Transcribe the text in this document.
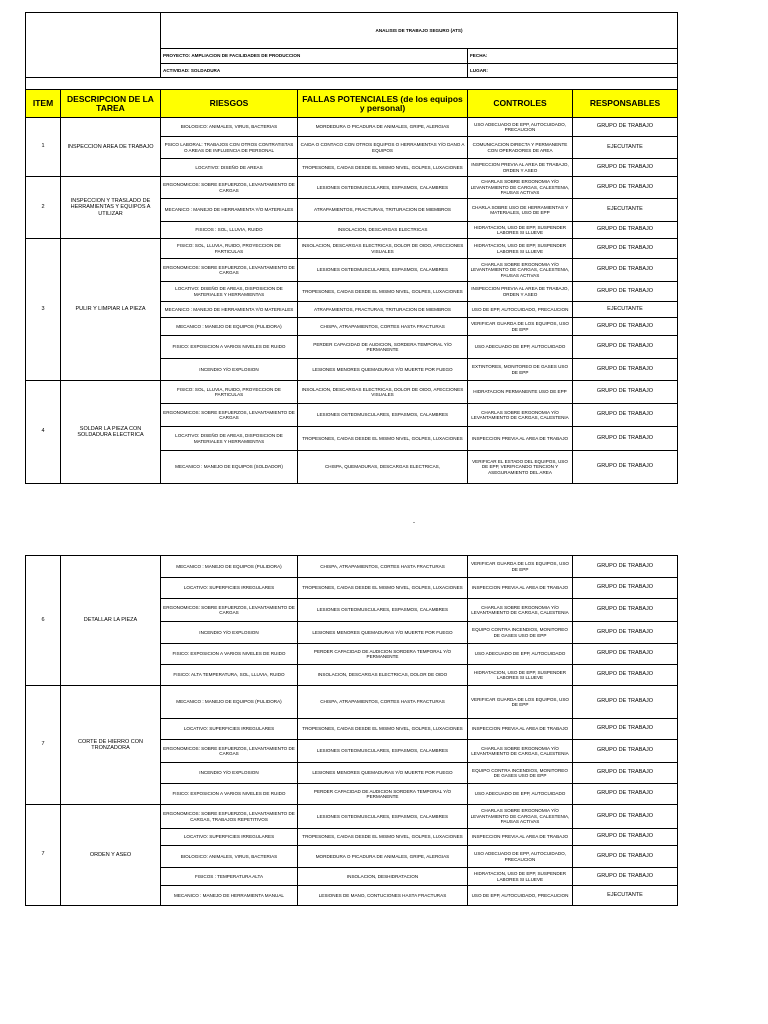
	ANALISIS DE TRABAJO SEGURO (ATS)	
	PROYECTO: AMPLIACION DE FACILIDADES DE PRODUCCION	FECHA:
	ACTIVIDAD: SOLDADURA	LUGAR:

ITEM	DESCRIPCION DE LA TAREA	RIESGOS	FALLAS POTENCIALES (de los equipos y personal)	CONTROLES	RESPONSABLES
1	INSPECCION AREA DE TRABAJO	BIOLOGICO: ANIMALES, VIRUS, BACTERIAS	MORDEDURA O PICADURA DE ANIMALES, GRIPE, ALERGIAS	USO ADECUADO DE EPP, AUTOCUIDADO, PRECAUCION	GRUPO DE TRABAJO
		PSICO LABORAL: TRABAJOS CON OTROS CONTRATISTAS O AREAS DE INFLUENCIA DE PERSONAL	CAIDA O CONTACO CON OTROS EQUIPOS O HERRAMIENTAS Y/O DANO A EQUIPOS	COMUNICACION DIRECTA Y PERMANENTE CON OPERADORES DE AREA	EJECUTANTE
		LOCATIVO: DISEÑO DE AREAS	TROPESONES, CAIDAS DESDE EL MISMO NIVEL, GOLPES, LUXACIONES	INSPECCION PREVIA AL AREA DE TRABAJO, ORDEN Y ASEO	GRUPO DE TRABAJO
2	INSPECCION Y TRASLADO DE HERRAMIENTAS Y EQUIPOS A UTILIZAR	ERGONOMICOS: SOBRE ESFUERZOS, LEVANTAMIENTO DE CARGAS	LESIONES OSTEOMUSCULARES, ESPASMOS, CALAMBRES	CHARLAS SOBRE ERGONOMIA Y/O LEVANTAMIENTO DE CARGAS, CALESTENIA, PAUSAS ACTIVAS	GRUPO DE TRABAJO
		MECANICO : MANEJO DE HERRAMIENTA Y/O MATERIALES	ATRAPAMIENTOS, FRACTURAS, TRITURACION DE MIEMBROS	CHARLA SOBRE USO DE HERRAMIENTAS Y MATERIALES, USO DE EPP	EJECUTANTE
		FISICOS : SOL, LLUVIA, RUIDO	INSOLACION, DESCARGAS ELECTRICAS	HIDRATACION, USO DE EPP, SUSPENDER LABORES SI LLUEVE	GRUPO DE TRABAJO
3	PULIR Y LIMPIAR LA PIEZA	FISICO: SOL, LLUVIA, RUIDO, PROYECCION DE PARTICULAS	INSOLACION, DESCARGAS ELECTRICAS, DOLOR DE OIDO, AFECCIONES VISUALES	HIDRATACION, USO DE EPP, SUSPENDER LABORES SI LLUEVE	GRUPO DE TRABAJO
		ERGONOMICOS: SOBRE ESFUERZOS, LEVANTAMIENTO DE CARGAS	LESIONES OSTEOMUSCULARES, ESPASMOS, CALAMBRES	CHARLAS SOBRE ERGONOMIA Y/O LEVANTAMIENTO DE CARGAS, CALESTENIA, PAUSAS ACTIVAS	GRUPO DE TRABAJO
		LOCATIVO: DISEÑO DE AREAS, DISPOSICION DE MATERIALES Y HERRAMIENTAS	TROPESONES, CAIDAS DESDE EL MISMO NIVEL, GOLPES, LUXACIONES	INSPECCION PREVIA AL AREA DE TRABAJO, ORDEN Y ASEO	GRUPO DE TRABAJO
		MECANICO : MANEJO DE HERRAMIENTA Y/O MATERIALES	ATRAPAMIENTOS, FRACTURAS, TRITURACION DE MIEMBROS	USO DE EPP, AUTOCUIDADO, PRECAUCION	EJECUTANTE
		MECANICO : MANEJO DE EQUIPOS (PULIDORA)	CHISPA, ATRAPAMIENTOS, CORTES HASTA FRACTURAS	VERIFICAR GUARDA DE LOS EQUIPOS, USO DE EPP	GRUPO DE TRABAJO
		FISICO: EXPOSICION A VARIOS NIVELES DE RUIDO	PERDER CAPACIDAD DE AUDICION, SORDERA TEMPORAL Y/O PERMANENTE	USO ADECUADO DE EPP, AUTOCUIDADO	GRUPO DE TRABAJO
		INCENDIO Y/O EXPLOSION	LESIONES MENORES QUEMADURAS Y/O MUERTE POR FUEGO	EXTINTORES, MONITOREO DE GASES USO DE EPP	GRUPO DE TRABAJO
4	SOLDAR LA PIEZA CON SOLDADURA ELECTRICA	FISICO: SOL, LLUVIA, RUIDO, PROYECCION DE PARTICULAS	INSOLACION, DESCARGAS ELECTRICAS, DOLOR DE OIDO, AFECCIONES VISUALES	HIDRATACION PERMANENTE USO DE EPP	GRUPO DE TRABAJO
		ERGONOMICOS: SOBRE ESFUERZOS, LEVANTAMIENTO DE CARGAS	LESIONES OSTEOMUSCULARES, ESPASMOS, CALAMBRES	CHARLAS SOBRE ERGONOMIA Y/O LEVANTAMIENTO DE CARGAS, CALESTENIA	GRUPO DE TRABAJO
		LOCATIVO: DISEÑO DE AREAS, DISPOSICION DE MATERIALES Y HERRAMIENTAS	TROPESONES, CAIDAS DESDE EL MISMO NIVEL, GOLPES, LUXACIONES	INSPECCION PREVIA AL AREA DE TRABAJO	GRUPO DE TRABAJO
		MECANICO : MANEJO DE EQUIPOS (SOLDADOR)	CHISPA, QUEMADURAS, DESCARGAS ELECTRICAS,	VERIFICAR EL ESTADO DEL EQUIPOS, USO DE EPP, VERIFICANDO TENCION Y ASEGURAMIENTO DEL AREA	GRUPO DE TRABAJO
-
6	DETALLAR LA PIEZA	MECANICO : MANEJO DE EQUIPOS (PULIDORA)	CHISPA, ATRAPAMIENTOS, CORTES HASTA FRACTURAS	VERIFICAR GUARDA DE LOS EQUIPOS, USO DE EPP	GRUPO DE TRABAJO
		LOCATIVO: SUPERFICIES IRREGULARES	TROPESONES, CAIDAS DESDE EL MISMO NIVEL, GOLPES, LUXACIONES	INSPECCION PREVIA AL AREA DE TRABAJO	GRUPO DE TRABAJO
		ERGONOMICOS: SOBRE ESFUERZOS, LEVANTAMIENTO DE CARGAS	LESIONES OSTEOMUSCULARES, ESPASMOS, CALAMBRES	CHARLAS SOBRE ERGONOMIA Y/O LEVANTAMIENTO DE CARGAS, CALESTENIA	GRUPO DE TRABAJO
		INCENDIO Y/O EXPLOSION	LESIONES MENORES QUEMADURAS Y/O MUERTE POR FUEGO	EQUIPO CONTRA INCENDIOS, MONITOREO DE GASES USO DE EPP	GRUPO DE TRABAJO
		FISICO: EXPOSICION A VARIOS NIVELES DE RUIDO	PERDER CAPACIDAD DE AUDICION SORDERA TEMPORAL Y/O PERMANENTE	USO ADECUADO DE EPP, AUTOCUIDADO	GRUPO DE TRABAJO
		FISICO: ALTA TEMPERATURA, SOL, LLUVIA, RUIDO	INSOLACION, DESCARGAS ELECTRICAS, DOLOR DE OIDO	HIDRATACION, USO DE EPP, SUSPENDER LABORES SI LLUEVE	GRUPO DE TRABAJO
7	CORTE DE HIERRO CON TRONZADORA	MECANICO : MANEJO DE EQUIPOS (PULIDORA)	CHISPA, ATRAPAMIENTOS, CORTES HASTA FRACTURAS	VERIFICAR GUARDA DE LOS EQUIPOS, USO DE EPP	GRUPO DE TRABAJO
		LOCATIVO: SUPERFICIES IRREGULARES	TROPESONES, CAIDAS DESDE EL MISMO NIVEL, GOLPES, LUXACIONES	INSPECCION PREVIA AL AREA DE TRABAJO	GRUPO DE TRABAJO
		ERGONOMICOS: SOBRE ESFUERZOS, LEVANTAMIENTO DE CARGAS	LESIONES OSTEOMUSCULARES, ESPASMOS, CALAMBRES	CHARLAS SOBRE ERGONOMIA Y/O LEVANTAMIENTO DE CARGAS, CALESTENIA	GRUPO DE TRABAJO
		INCENDIO Y/O EXPLOSION	LESIONES MENORES QUEMADURAS Y/O MUERTE POR FUEGO	EQUIPO CONTRA INCENDIOS, MONITOREO DE GASES USO DE EPP	GRUPO DE TRABAJO
		FISICO: EXPOSICION A VARIOS NIVELES DE RUIDO	PERDER CAPACIDAD DE AUDICION SORDERA TEMPORAL Y/O PERMANENTE	USO ADECUADO DE EPP, AUTOCUIDADO	GRUPO DE TRABAJO
7	ORDEN Y ASEO	ERGONOMICOS: SOBRE ESFUERZOS, LEVANTAMIENTO DE CARGAS, TRABAJOS REPETITIVOS	LESIONES OSTEOMUSCULARES, ESPASMOS, CALAMBRES	CHARLAS SOBRE ERGONOMIA Y/O LEVANTAMIENTO DE CARGAS, CALESTENIA, PAUSAS ACTIVAS	GRUPO DE TRABAJO
		LOCATIVO: SUPERFICIES IRREGULARES	TROPESONES, CAIDAS DESDE EL MISMO NIVEL, GOLPES, LUXACIONES	INSPECCION PREVIA AL AREA DE TRABAJO	GRUPO DE TRABAJO
		BIOLOGICO: ANIMALES, VIRUS, BACTERIAS	MORDEDURA O PICADURA DE ANIMALES, GRIPE, ALERGIAS	USO ADECUADO DE EPP, AUTOCUIDADO, PRECAUCION	GRUPO DE TRABAJO
		FISICOS : TEMPERATURA ALTA	INSOLACION, DESHIDRATACION	HIDRATACION, USO DE EPP, SUSPENDER LABORES SI LLUEVE	GRUPO DE TRABAJO
		MECANICO : MANEJO DE HERRAMIENTA MANUAL	LESIONES DE MANO, CONTUCIONES HASTA FRACTURAS	USO DE EPP, AUTOCUIDADO, PRECAUCION	EJECUTANTE
